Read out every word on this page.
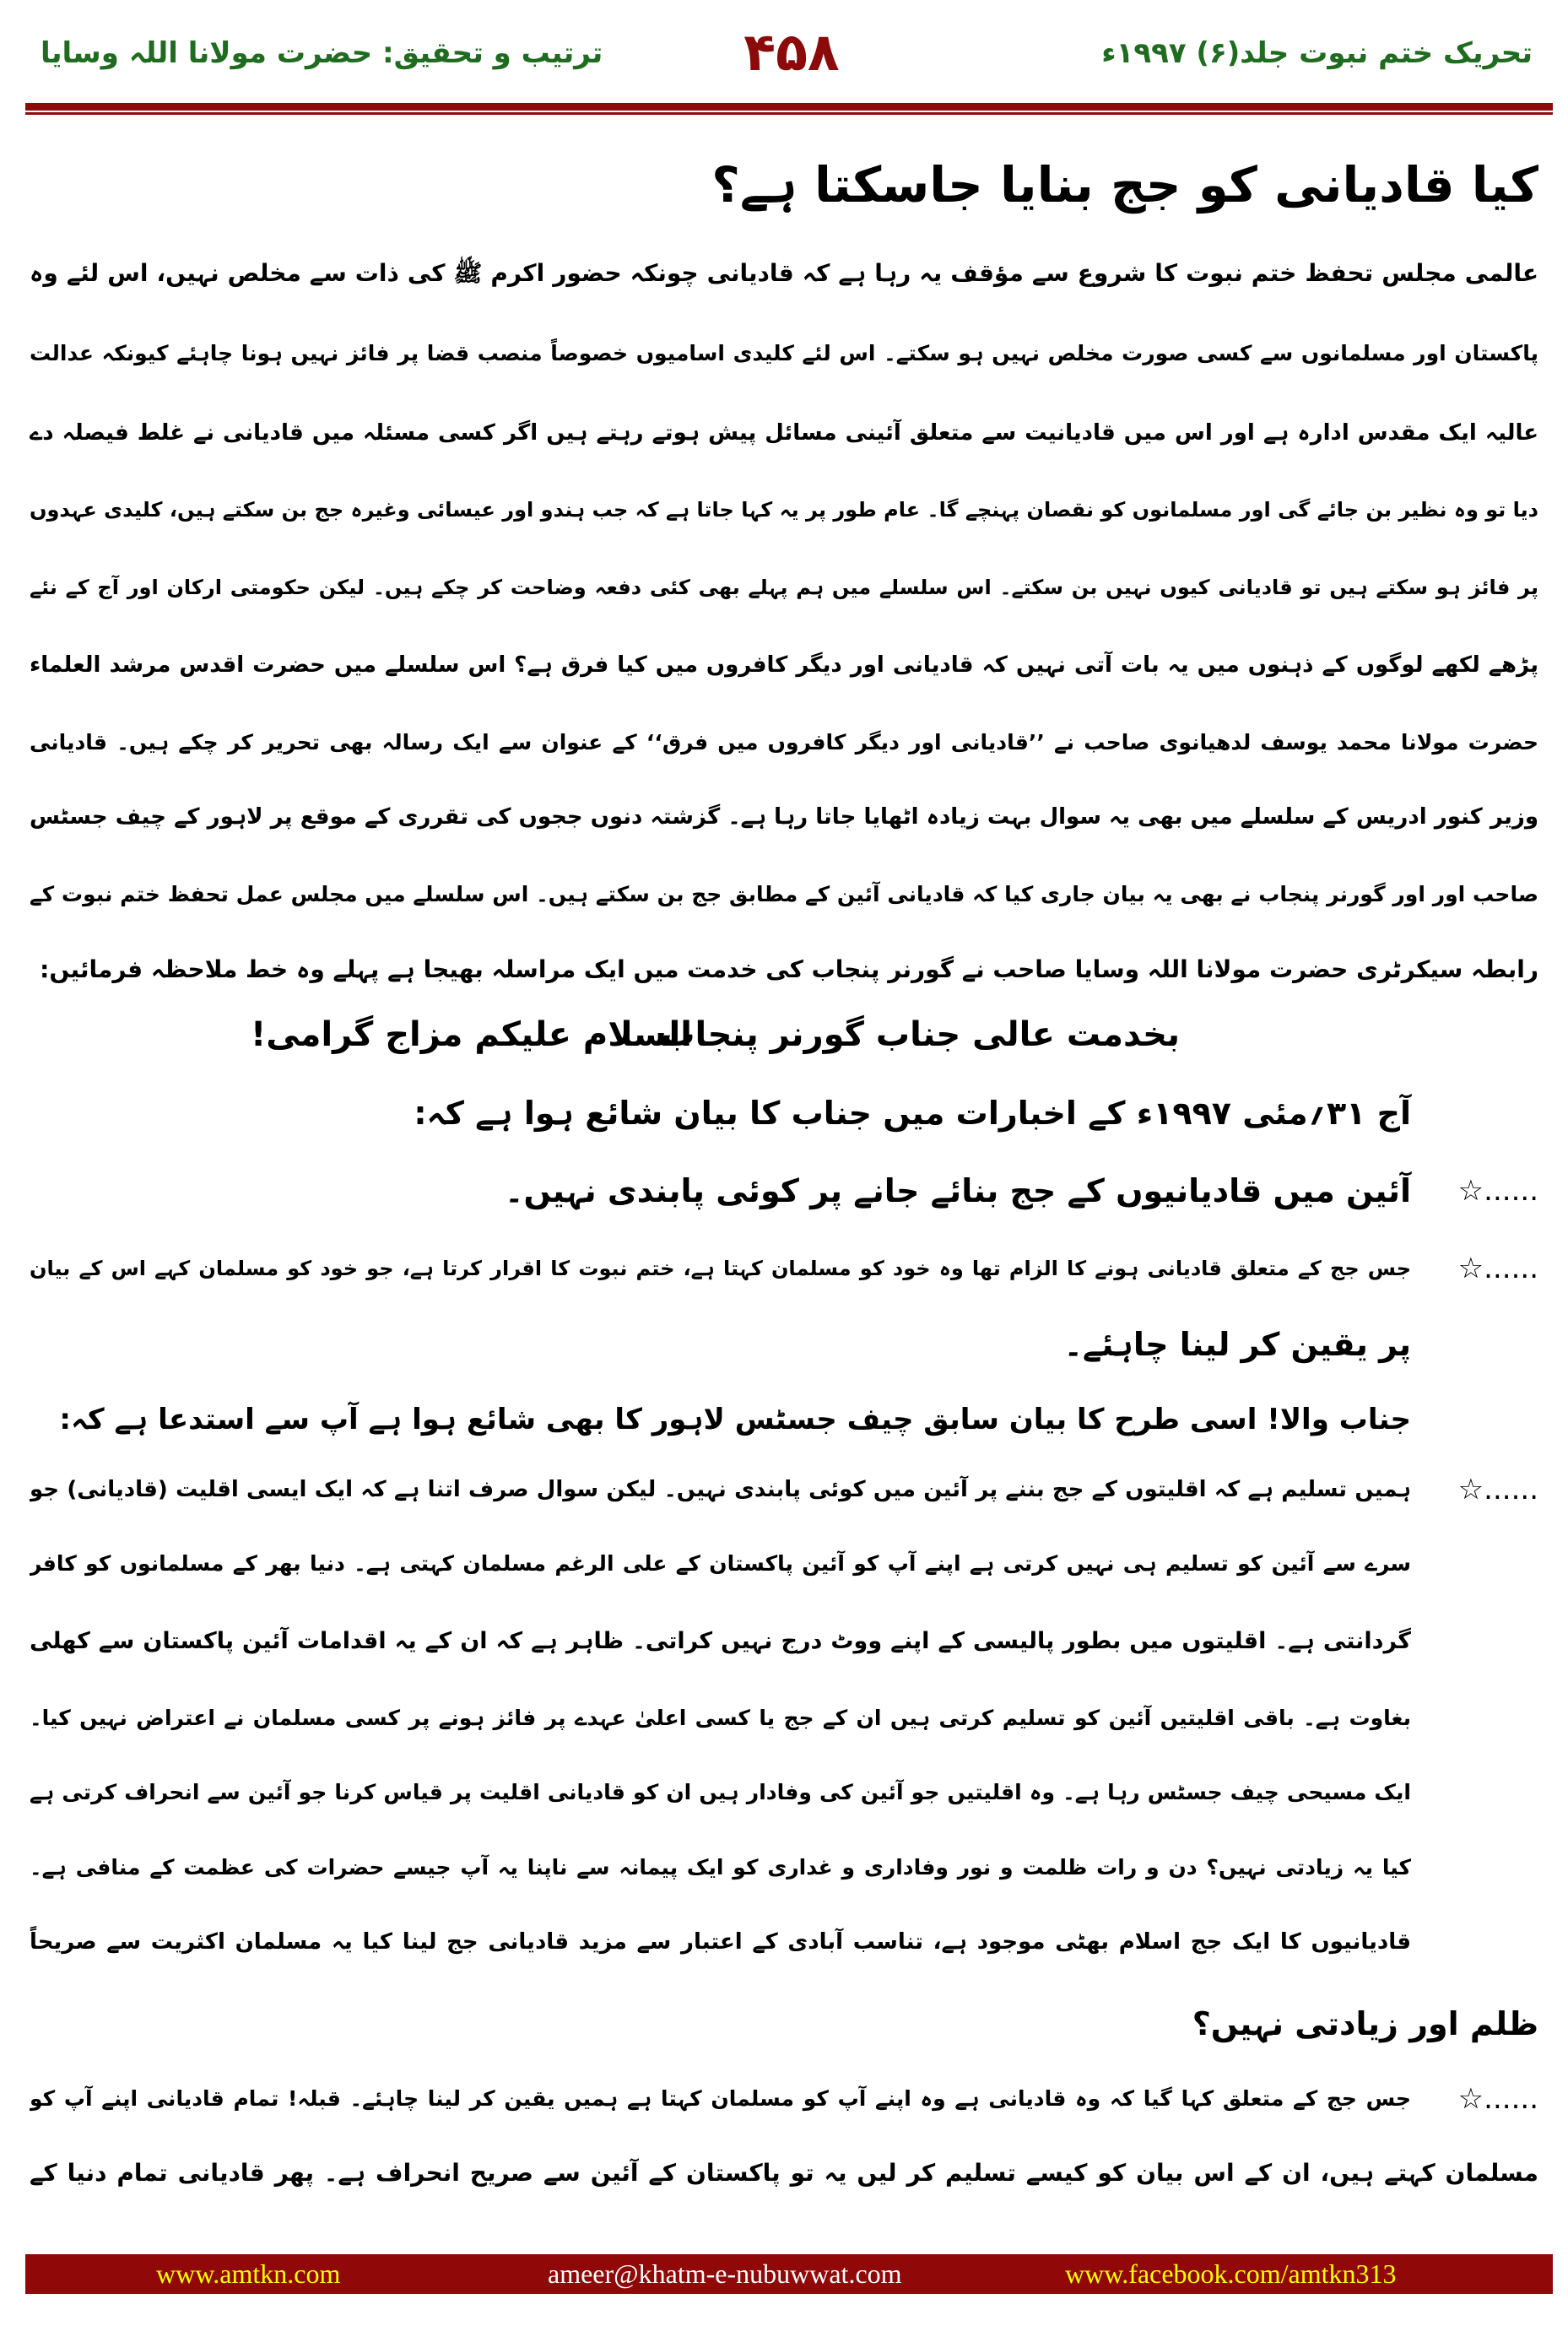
تحریک ختم نبوت جلد(۶) ۱۹۹۷ء
۴۵۸
ترتیب و تحقیق: حضرت مولانا اللہ وسایا
کیا قادیانی کو جج بنایا جاسکتا ہے؟
عالمی مجلس تحفظ ختم نبوت کا شروع سے مؤقف یہ رہا ہے کہ قادیانی چونکہ حضور اکرم ﷺ کی ذات سے مخلص نہیں، اس لئے وہ
پاکستان اور مسلمانوں سے کسی صورت مخلص نہیں ہو سکتے۔ اس لئے کلیدی اسامیوں خصوصاً منصب قضا پر فائز نہیں ہونا چاہئے کیونکہ عدالت
عالیہ ایک مقدس ادارہ ہے اور اس میں قادیانیت سے متعلق آئینی مسائل پیش ہوتے رہتے ہیں اگر کسی مسئلہ میں قادیانی نے غلط فیصلہ دے
دیا تو وہ نظیر بن جائے گی اور مسلمانوں کو نقصان پہنچے گا۔ عام طور پر یہ کہا جاتا ہے کہ جب ہندو اور عیسائی وغیرہ جج بن سکتے ہیں، کلیدی عہدوں
پر فائز ہو سکتے ہیں تو قادیانی کیوں نہیں بن سکتے۔ اس سلسلے میں ہم پہلے بھی کئی دفعہ وضاحت کر چکے ہیں۔ لیکن حکومتی ارکان اور آج کے نئے
پڑھے لکھے لوگوں کے ذہنوں میں یہ بات آتی نہیں کہ قادیانی اور دیگر کافروں میں کیا فرق ہے؟ اس سلسلے میں حضرت اقدس مرشد العلماء
حضرت مولانا محمد یوسف لدھیانوی صاحب نے ’’قادیانی اور دیگر کافروں میں فرق‘‘ کے عنوان سے ایک رسالہ بھی تحریر کر چکے ہیں۔ قادیانی
وزیر کنور ادریس کے سلسلے میں بھی یہ سوال بہت زیادہ اٹھایا جاتا رہا ہے۔ گزشتہ دنوں ججوں کی تقرری کے موقع پر لاہور کے چیف جسٹس
صاحب اور اور گورنر پنجاب نے بھی یہ بیان جاری کیا کہ قادیانی آئین کے مطابق جج بن سکتے ہیں۔ اس سلسلے میں مجلس عمل تحفظ ختم نبوت کے
رابطہ سیکرٹری حضرت مولانا اللہ وسایا صاحب نے گورنر پنجاب کی خدمت میں ایک مراسلہ بھیجا ہے پہلے وہ خط ملاحظہ فرمائیں:
آج ۳۱؍مئی ۱۹۹۷ء کے اخبارات میں جناب کا بیان شائع ہوا ہے کہ:
آئین میں قادیانیوں کے جج بنائے جانے پر کوئی پابندی نہیں۔ ☆......
جس جج کے متعلق قادیانی ہونے کا الزام تھا وہ خود کو مسلمان کہتا ہے، ختم نبوت کا اقرار کرتا ہے، جو خود کو مسلمان کہے اس کے بیان ☆......
پر یقین کر لینا چاہئے۔
جناب والا! اسی طرح کا بیان سابق چیف جسٹس لاہور کا بھی شائع ہوا ہے آپ سے استدعا ہے کہ:
ہمیں تسلیم ہے کہ اقلیتوں کے جج بننے پر آئین میں کوئی پابندی نہیں۔ لیکن سوال صرف اتنا ہے کہ ایک ایسی اقلیت (قادیانی) جو ☆......
سرے سے آئین کو تسلیم ہی نہیں کرتی ہے اپنے آپ کو آئین پاکستان کے علی الرغم مسلمان کہتی ہے۔ دنیا بھر کے مسلمانوں کو کافر
گردانتی ہے۔ اقلیتوں میں بطور پالیسی کے اپنے ووٹ درج نہیں کراتی۔ ظاہر ہے کہ ان کے یہ اقدامات آئین پاکستان سے کھلی
بغاوت ہے۔ باقی اقلیتیں آئین کو تسلیم کرتی ہیں ان کے جج یا کسی اعلیٰ عہدے پر فائز ہونے پر کسی مسلمان نے اعتراض نہیں کیا۔
ایک مسیحی چیف جسٹس رہا ہے۔ وہ اقلیتیں جو آئین کی وفادار ہیں ان کو قادیانی اقلیت پر قیاس کرنا جو آئین سے انحراف کرتی ہے
کیا یہ زیادتی نہیں؟ دن و رات ظلمت و نور وفاداری و غداری کو ایک پیمانہ سے ناپنا یہ آپ جیسے حضرات کی عظمت کے منافی ہے۔
قادیانیوں کا ایک جج اسلام بھٹی موجود ہے، تناسب آبادی کے اعتبار سے مزید قادیانی جج لینا کیا یہ مسلمان اکثریت سے صریحاً
ظلم اور زیادتی نہیں؟
جس جج کے متعلق کہا گیا کہ وہ قادیانی ہے وہ اپنے آپ کو مسلمان کہتا ہے ہمیں یقین کر لینا چاہئے۔ قبلہ! تمام قادیانی اپنے آپ کو ☆......
مسلمان کہتے ہیں، ان کے اس بیان کو کیسے تسلیم کر لیں یہ تو پاکستان کے آئین سے صریح انحراف ہے۔ پھر قادیانی تمام دنیا کے
بخدمت عالی جناب گورنر پنجاب
السلام علیکم مزاج گرامی!
www.amtkn.com	ameer@khatm-e-nubuwwat.com	www.facebook.com/amtkn313
